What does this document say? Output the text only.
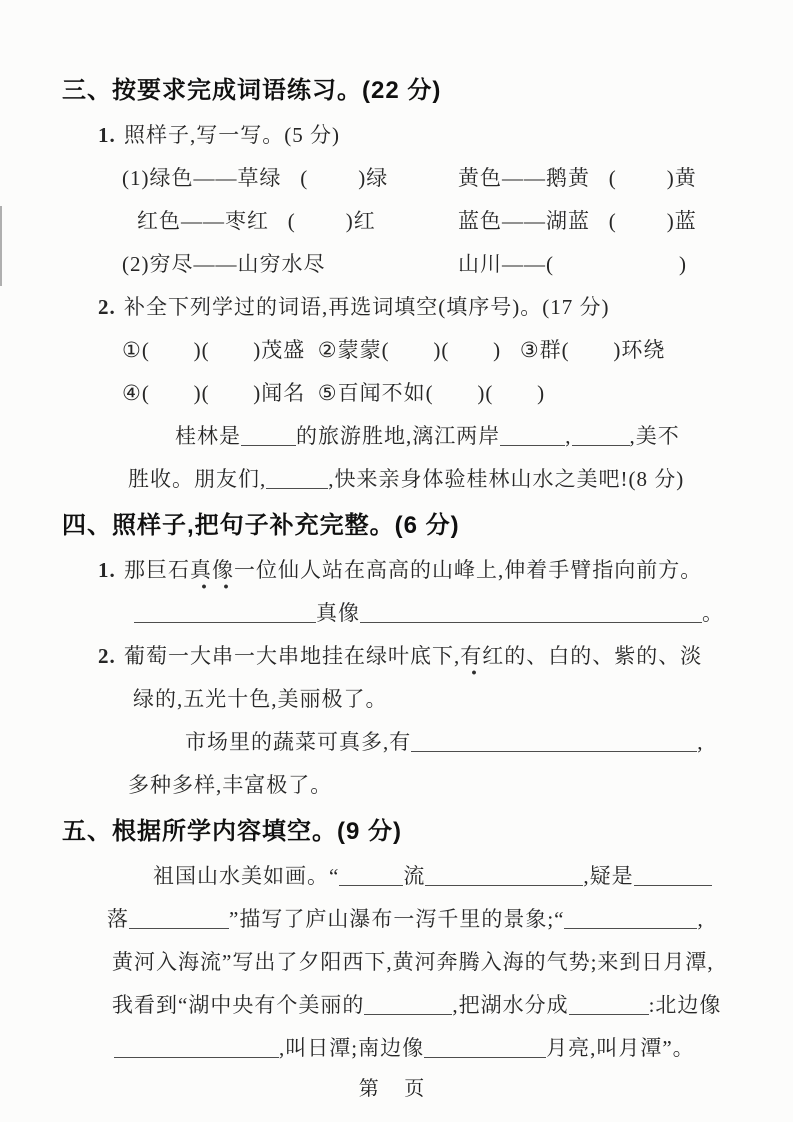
三、按要求完成词语练习。(22 分)
1. 照样子,写一写。(5 分)
(1)绿色——草绿   (        )绿	黄色——鹅黄   (        )黄
红色——枣红   (        )红	蓝色——湖蓝   (        )蓝
(2)穷尽——山穷水尽	山川——(                    )
2. 补全下列学过的词语,再选词填空(填序号)。(17 分)
①(       )(       )茂盛  ②蒙蒙(       )(       )   ③群(       )环绕
④(       )(       )闻名  ⑤百闻不如(       )(       )
桂林是	的旅游胜地,漓江两岸	,	,美不
胜收。朋友们,	,快来亲身体验桂林山水之美吧!(8 分)
四、照样子,把句子补充完整。(6 分)
1. 那巨石真像一位仙人站在高高的山峰上,伸着手臂指向前方。
真像	。
2. 葡萄一大串一大串地挂在绿叶底下,有红的、白的、紫的、淡
绿的,五光十色,美丽极了。
市场里的蔬菜可真多,有	,
多种多样,丰富极了。
五、根据所学内容填空。(9 分)
祖国山水美如画。“	流	,疑是
落	”描写了庐山瀑布一泻千里的景象;“	,
黄河入海流”写出了夕阳西下,黄河奔腾入海的气势;来到日月潭,
我看到“湖中央有个美丽的	,把湖水分成	:北边像
,叫日潭;南边像	月亮,叫月潭”。
第 页
